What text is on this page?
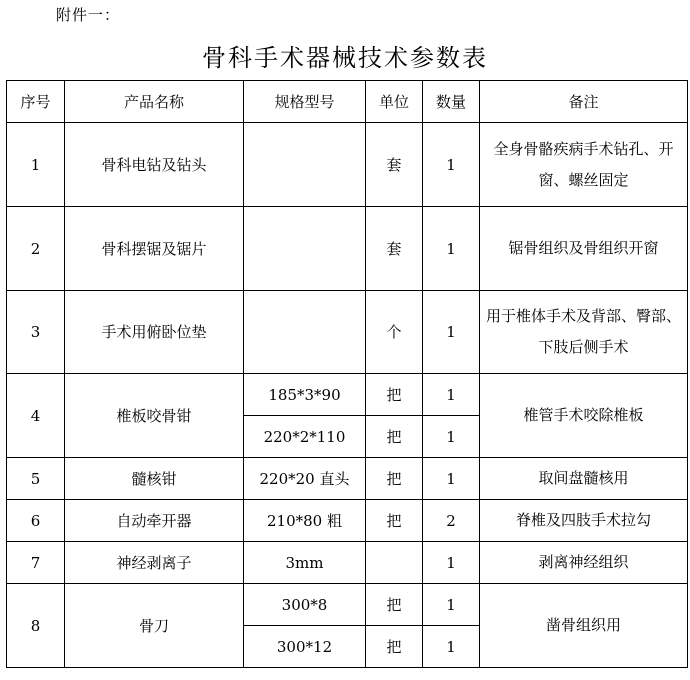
附件一：
骨科手术器械技术参数表
序号	产品名称	规格型号	单位	数量	备注
1	骨科电钻及钻头		套	1	全身骨骼疾病手术钻孔、开窗、螺丝固定
2	骨科摆锯及锯片		套	1	锯骨组织及骨组织开窗
3	手术用俯卧位垫		个	1	用于椎体手术及背部、臀部、下肢后侧手术
4	椎板咬骨钳	185*3*90	把	1	椎管手术咬除椎板
		220*2*110	把	1	
5	髓核钳	220*20 直头	把	1	取间盘髓核用
6	自动牵开器	210*80 粗	把	2	脊椎及四肢手术拉勾
7	神经剥离子	3mm		1	剥离神经组织
8	骨刀	300*8	把	1	凿骨组织用
		300*12	把	1	
